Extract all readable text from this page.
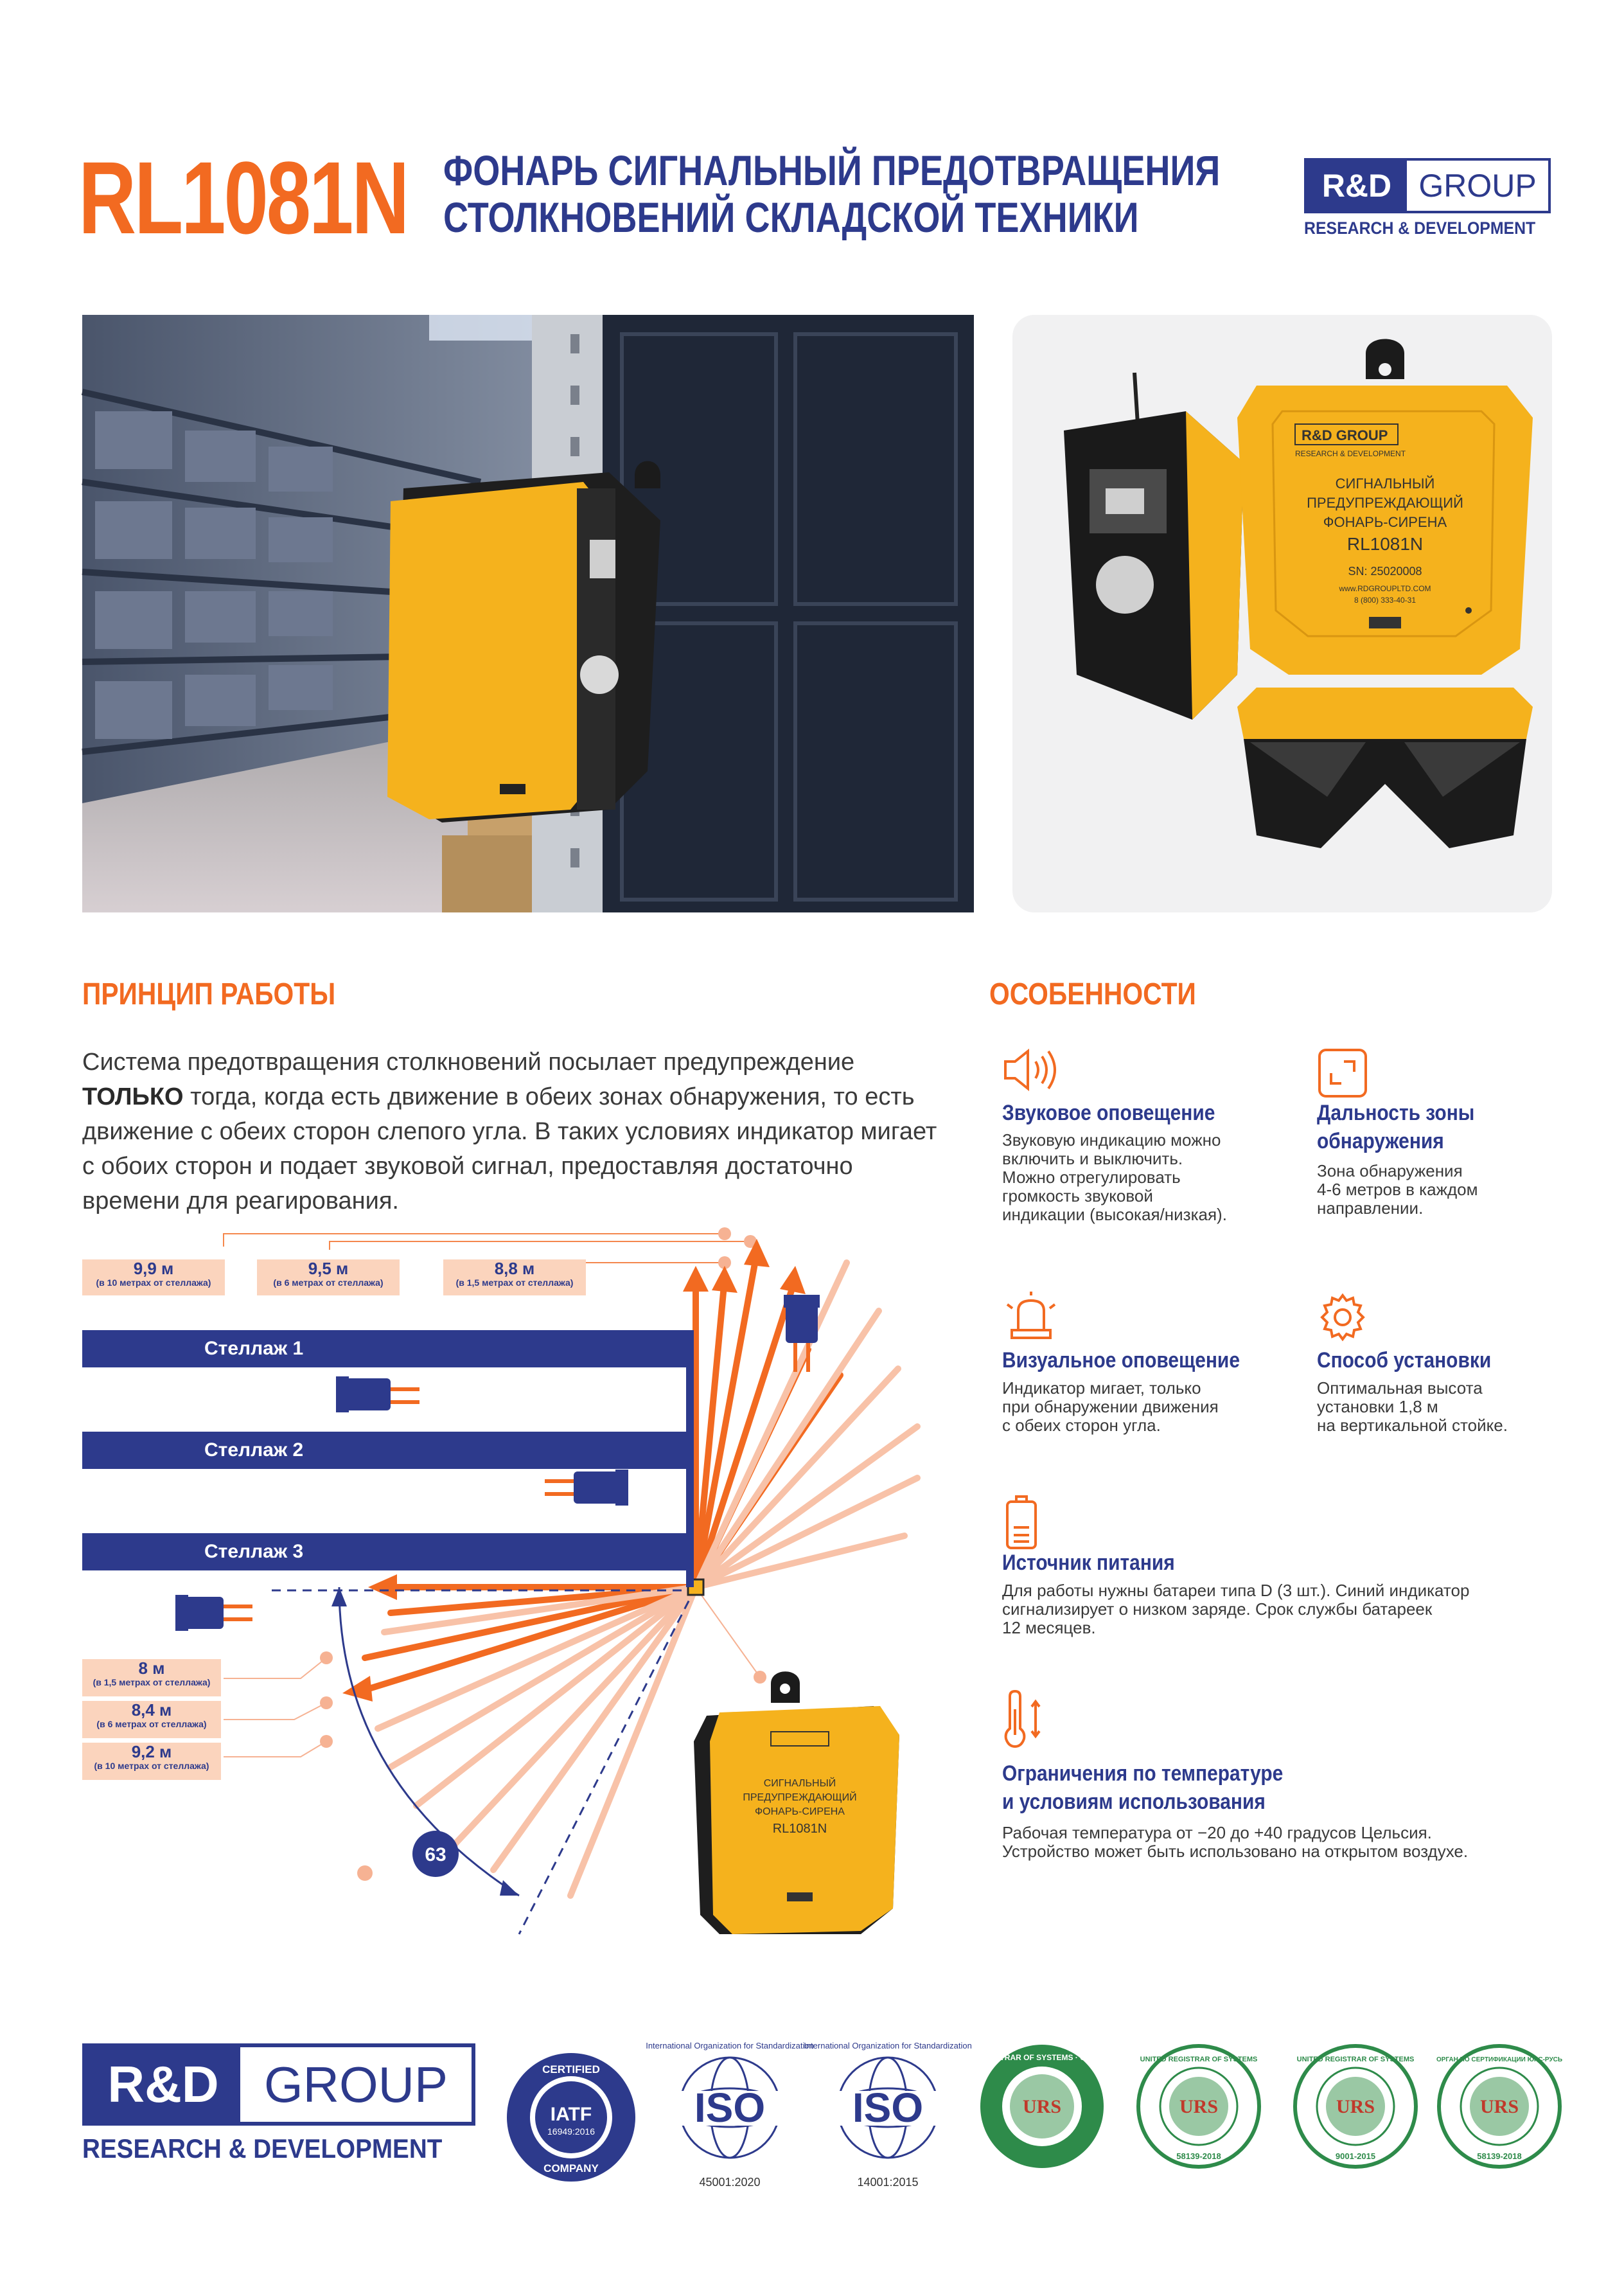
RL1081N ФОНАРЬ СИГНАЛЬНЫЙ ПРЕДОТВРАЩЕНИЯ
СТОЛКНОВЕНИЙ СКЛАДСКОЙ ТЕХНИКИ
R&D GROUP
RESEARCH & DEVELOPMENT
R&D GROUP
RESEARCH & DEVELOPMENT
СИГНАЛЬНЫЙ
ПРЕДУПРЕЖДАЮЩИЙ
ФОНАРЬ-СИРЕНА
RL1081N
SN: 25020008
www.RDGROUPLTD.COM
8 (800) 333-40-31
ПРИНЦИП РАБОТЫ
Система предотвращения столкновений посылает предупреждение ТОЛЬКО тогда, когда есть движение в обеих зонах обнаружения, то есть движение с обеих сторон слепого угла. В таких условиях индикатор мигает с обоих сторон и подает звуковой сигнал, предоставляя достаточно времени для реагирования.
63
9,9 м
(в 10 метрах от стеллажа)
9,5 м
(в 6 метрах от стеллажа)
8,8 м
(в 1,5 метрах от стеллажа)
Стеллаж 1
Стеллаж 2
Стеллаж 3
8 м
(в 1,5 метрах от стеллажа)
8,4 м
(в 6 метрах от стеллажа)
9,2 м
(в 10 метрах от стеллажа)
СИГНАЛЬНЫЙ
ПРЕДУПРЕЖДАЮЩИЙ
ФОНАРЬ-СИРЕНА
RL1081N
ОСОБЕННОСТИ
Звуковое оповещение
Звуковую индикацию можно
включить и выключить.
Можно отрегулировать
громкость звуковой
индикации (высокая/низкая).
Дальность зоны
обнаружения
Зона обнаружения
4-6 метров в каждом
направлении.
Визуальное оповещение
Индикатор мигает, только
при обнаружении движения
с обеих сторон угла.
Способ установки
Оптимальная высота
установки 1,8 м
на вертикальной стойке.
Источник питания
Для работы нужны батареи типа D (3 шт.). Синий индикатор
сигнализирует о низком заряде. Срок службы батареек
12 месяцев.
Ограничения по температуре
и условиям использования
Рабочая температура от −20 до +40 градусов Цельсия.
Устройство может быть использовано на открытом воздухе.
R&D GROUP
RESEARCH & DEVELOPMENT
CERTIFIED
IATF
16949:2016
COMPANY
ISO
International Organization for Standardization
45001:2020
ISO
International Organization for Standardization
14001:2015
URS
UNITED REGISTRAR OF SYSTEMS · CERTIFICATION
URS
UNITED REGISTRAR OF SYSTEMS
58139-2018
URS
UNITED REGISTRAR OF SYSTEMS
9001-2015
URS
ОРГАН ПО СЕРТИФИКАЦИИ ЮРС-РУСЬ
58139-2018
